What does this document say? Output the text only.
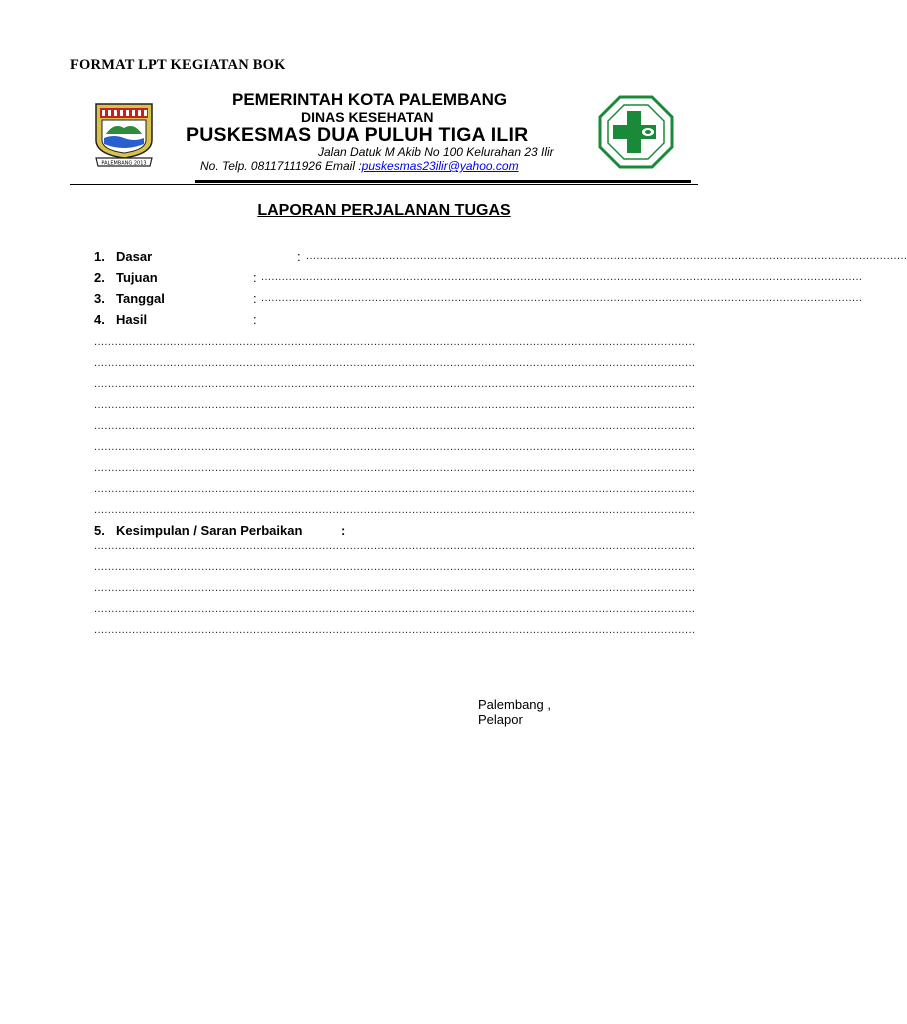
FORMAT LPT KEGIATAN BOK
PALEMBANG 2013
PEMERINTAH KOTA PALEMBANG
DINAS KESEHATAN
PUSKESMAS DUA PULUH TIGA ILIR
Jalan Datuk M Akib No 100 Kelurahan 23 Ilir
No. Telp. 08117111926 Email :puskesmas23ilir@yahoo.com
LAPORAN PERJALANAN TUGAS
1. Dasar	: ..............................................................................................................................................................................
2. Tujuan	: ..............................................................................................................................................................................
3. Tanggal	: ..............................................................................................................................................................................
4. Hasil	:
..............................................................................................................................................................................
..............................................................................................................................................................................
..............................................................................................................................................................................
..............................................................................................................................................................................
..............................................................................................................................................................................
..............................................................................................................................................................................
..............................................................................................................................................................................
..............................................................................................................................................................................
..............................................................................................................................................................................
5. Kesimpulan / Saran Perbaikan	:
..............................................................................................................................................................................
..............................................................................................................................................................................
..............................................................................................................................................................................
..............................................................................................................................................................................
..............................................................................................................................................................................
Palembang ,
Pelapor
